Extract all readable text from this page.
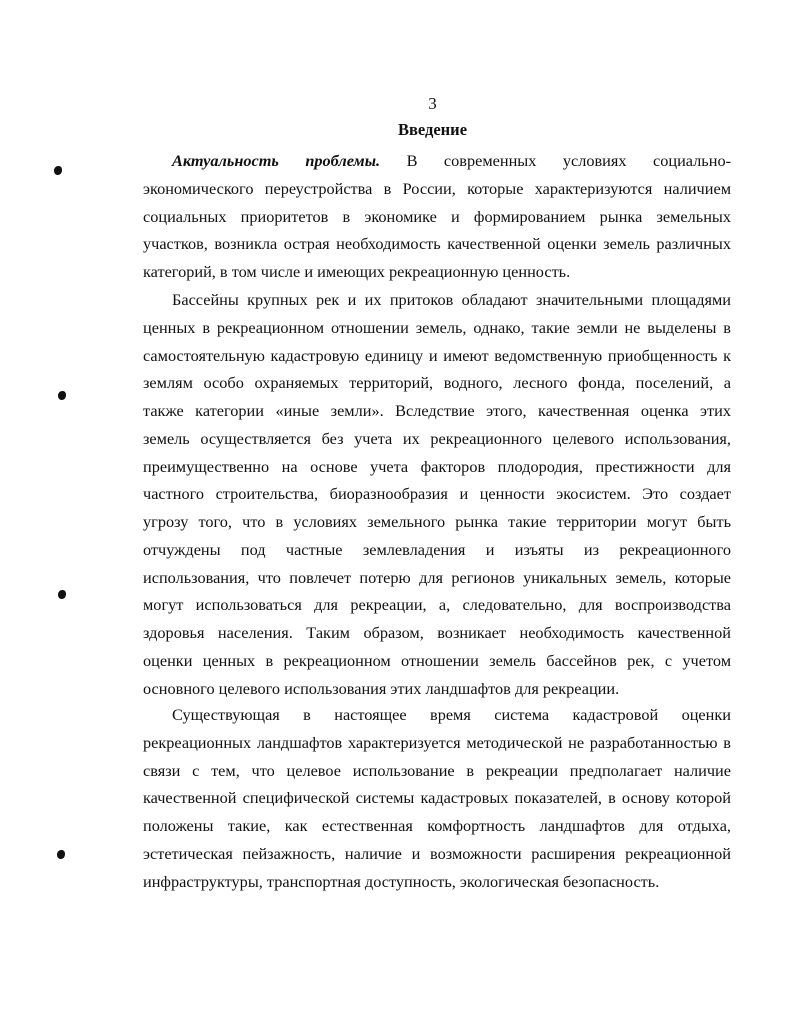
3
Введение
Актуальность проблемы. В современных условиях социально-
экономического переустройства в России, которые характеризуются наличием
социальных приоритетов в экономике и формированием рынка земельных
участков, возникла острая необходимость качественной оценки земель различных
категорий, в том числе и имеющих рекреационную ценность.
Бассейны крупных рек и их притоков обладают значительными площадями
ценных в рекреационном отношении земель, однако, такие земли не выделены в
самостоятельную кадастровую единицу и имеют ведомственную приобщенность к
землям особо охраняемых территорий, водного, лесного фонда, поселений, а
также категории «иные земли». Вследствие этого, качественная оценка этих
земель осуществляется без учета их рекреационного целевого использования,
преимущественно на основе учета факторов плодородия, престижности для
частного строительства, биоразнообразия и ценности экосистем. Это создает
угрозу того, что в условиях земельного рынка такие территории могут быть
отчуждены под частные землевладения и изъяты из рекреационного
использования, что повлечет потерю для регионов уникальных земель, которые
могут использоваться для рекреации, а, следовательно, для воспроизводства
здоровья населения. Таким образом, возникает необходимость качественной
оценки ценных в рекреационном отношении земель бассейнов рек, с учетом
основного целевого использования этих ландшафтов для рекреации.
Существующая в настоящее время система кадастровой оценки
рекреационных ландшафтов характеризуется методической не разработанностью в
связи с тем, что целевое использование в рекреации предполагает наличие
качественной специфической системы кадастровых показателей, в основу которой
положены такие, как естественная комфортность ландшафтов для отдыха,
эстетическая пейзажность, наличие и возможности расширения рекреационной
инфраструктуры, транспортная доступность, экологическая безопасность.
